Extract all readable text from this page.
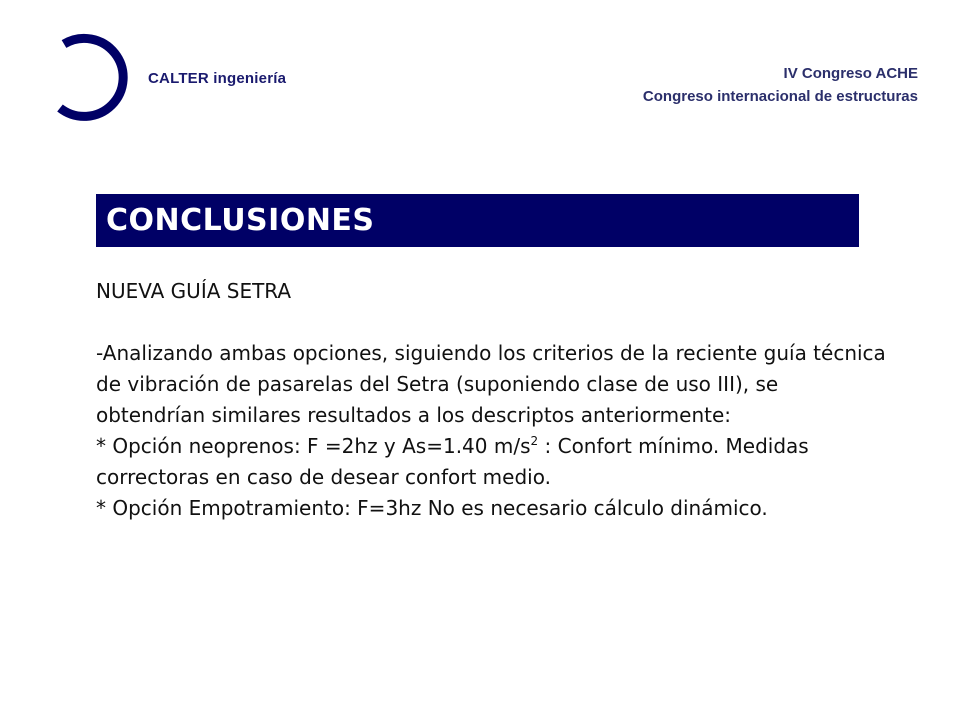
CALTER ingeniería	IV Congreso ACHE
Congreso internacional de estructuras
CONCLUSIONES

NUEVA GUÍA SETRA

-Analizando ambas opciones, siguiendo los criterios de la reciente guía técnica de vibración de pasarelas del Setra (suponiendo clase de uso III), se obtendrían similares resultados a los descriptos anteriormente:

* Opción neoprenos: F =2hz y As=1.40 $m/s^2$ : Confort mínimo. Medidas correctoras en caso de desear confort medio.

* Opción Empotramiento: F=3hz No es necesario cálculo dinámico.
